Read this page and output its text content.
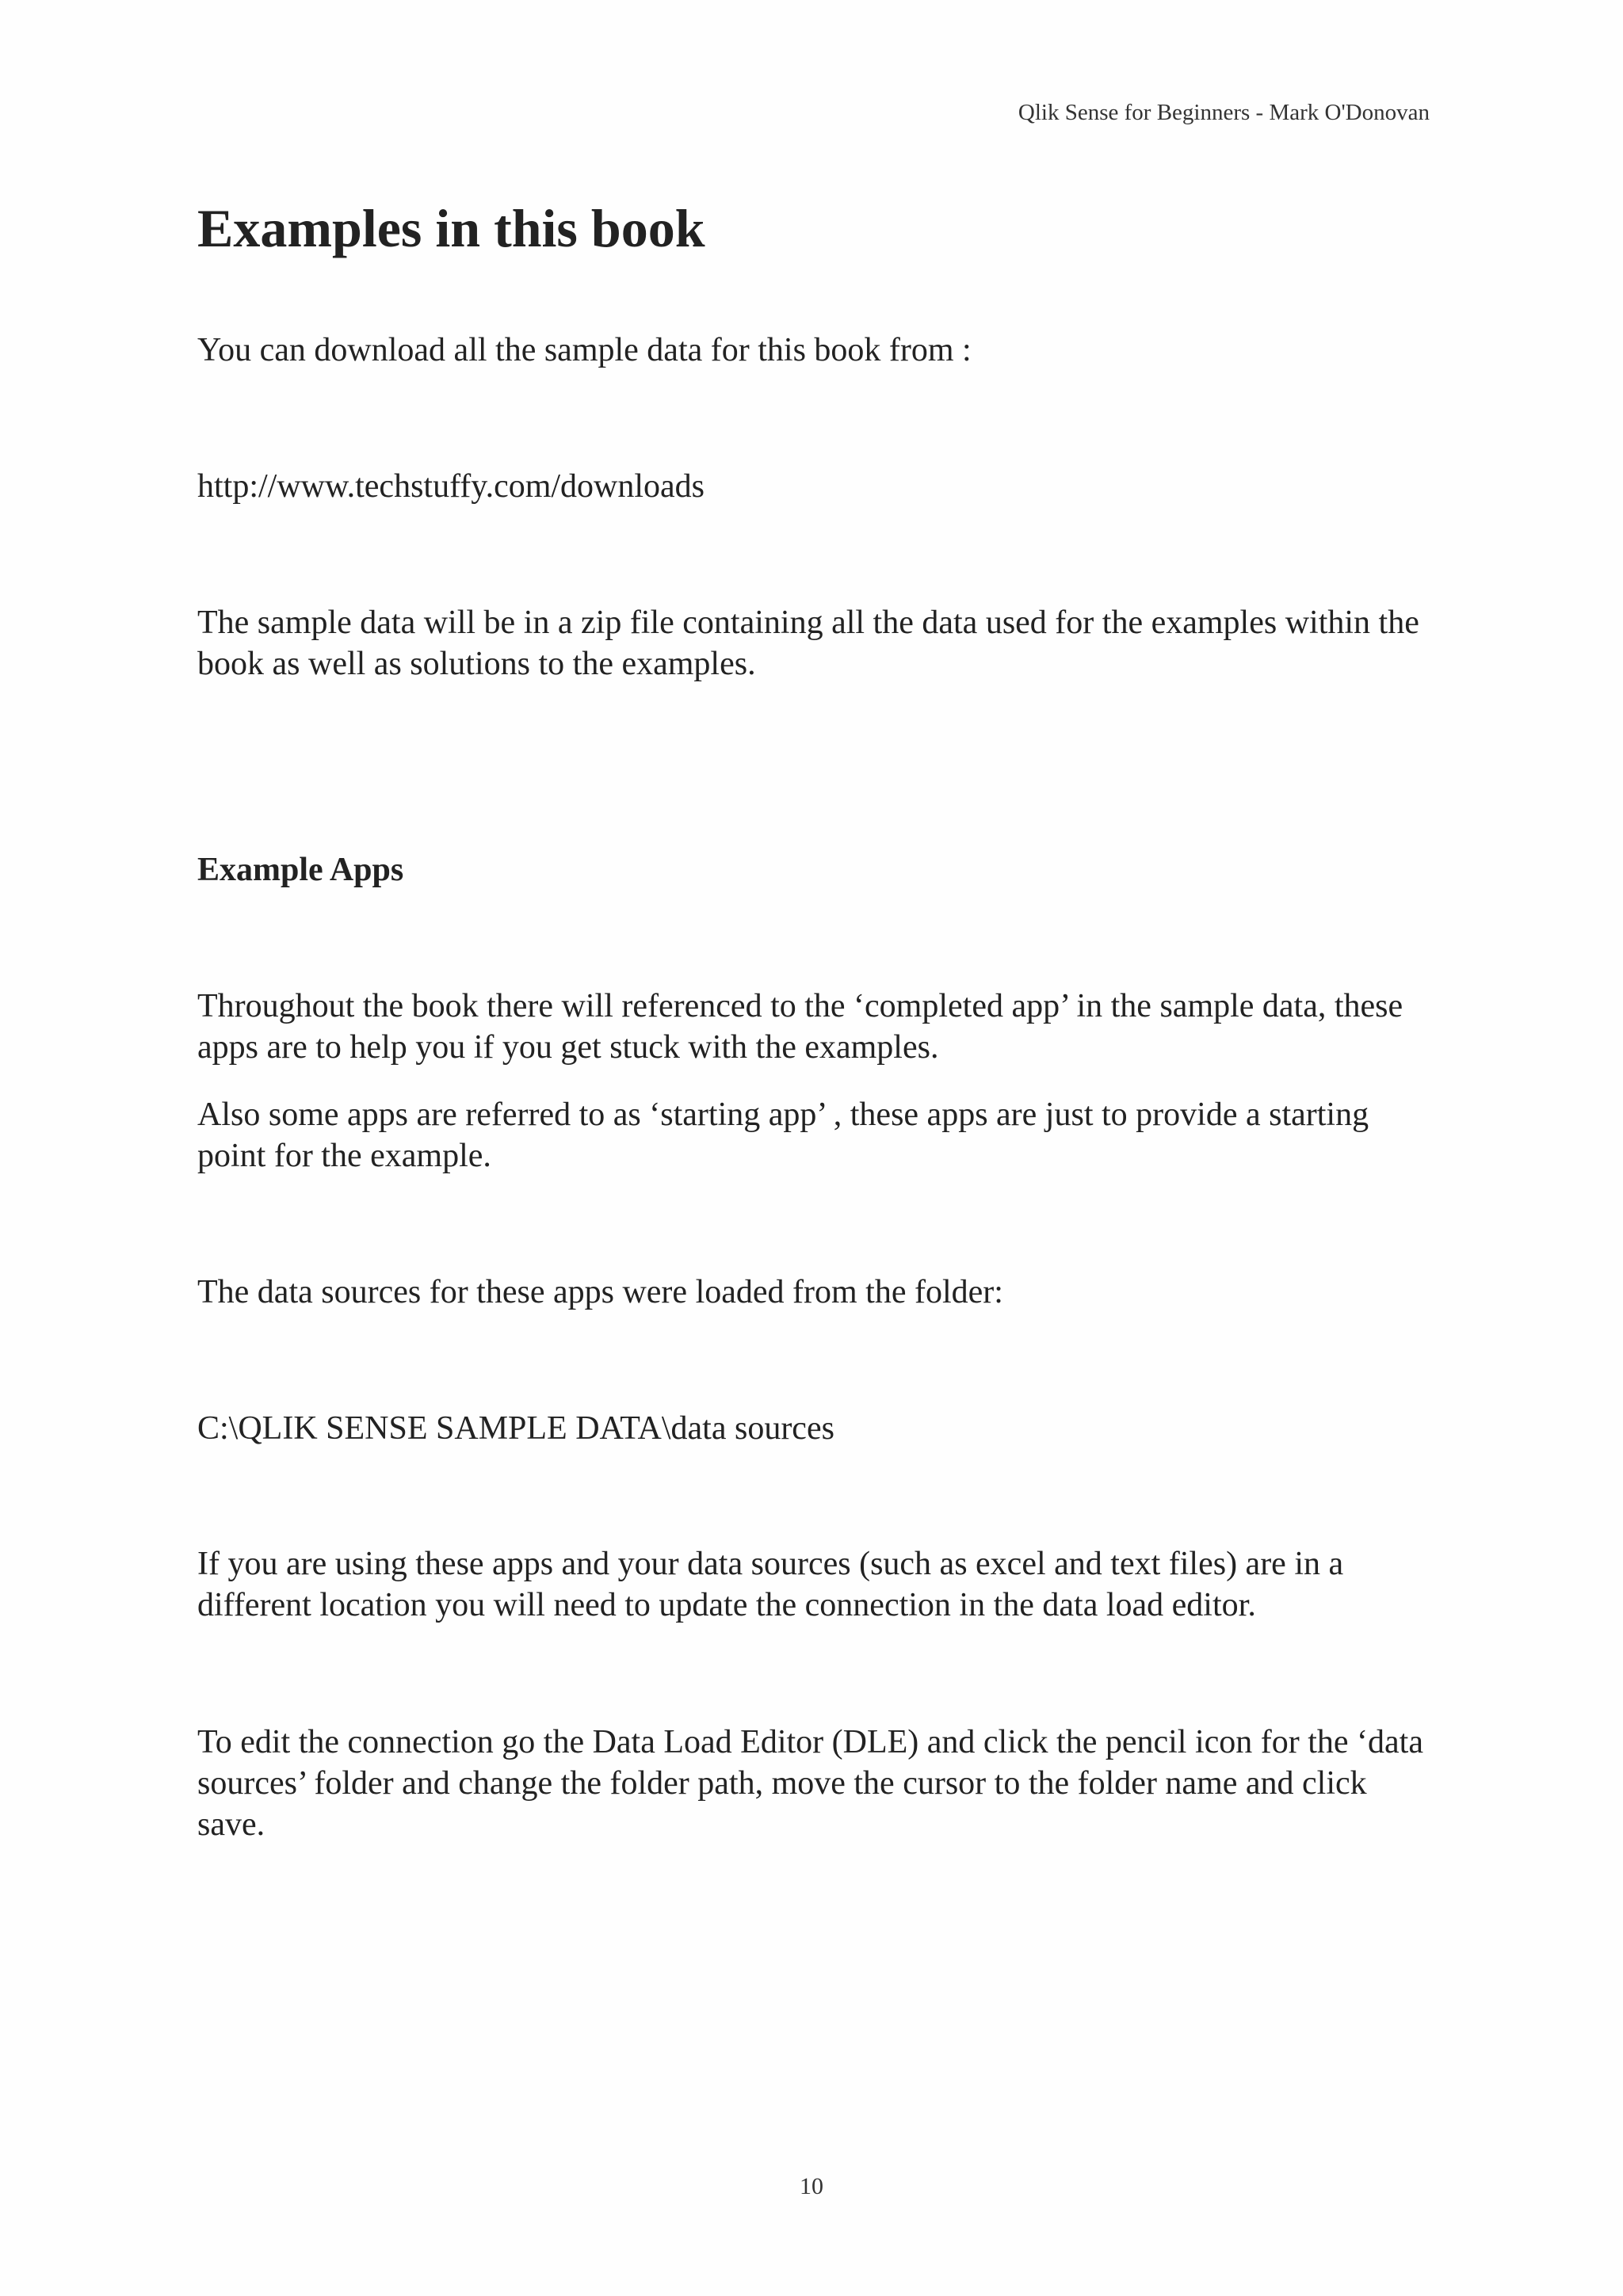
Qlik Sense for Beginners - Mark O'Donovan
Examples in this book

You can download all the sample data for this book from :

http://www.techstuffy.com/downloads

The sample data will be in a zip file containing all the data used for the examples within the book as well as solutions to the examples.

Example Apps

Throughout the book there will referenced to the ‘completed app’ in the sample data, these apps are to help you if you get stuck with the examples.

Also some apps are referred to as ‘starting app’ , these apps are just to provide a starting point for the example.

The data sources for these apps were loaded from the folder:

C:\QLIK SENSE SAMPLE DATA\data sources

If you are using these apps and your data sources (such as excel and text files) are in a different location you will need to update the connection in the data load editor.

To edit the connection go the Data Load Editor (DLE) and click the pencil icon for the ‘data sources’ folder and change the folder path, move the cursor to the folder name and click save.

10
